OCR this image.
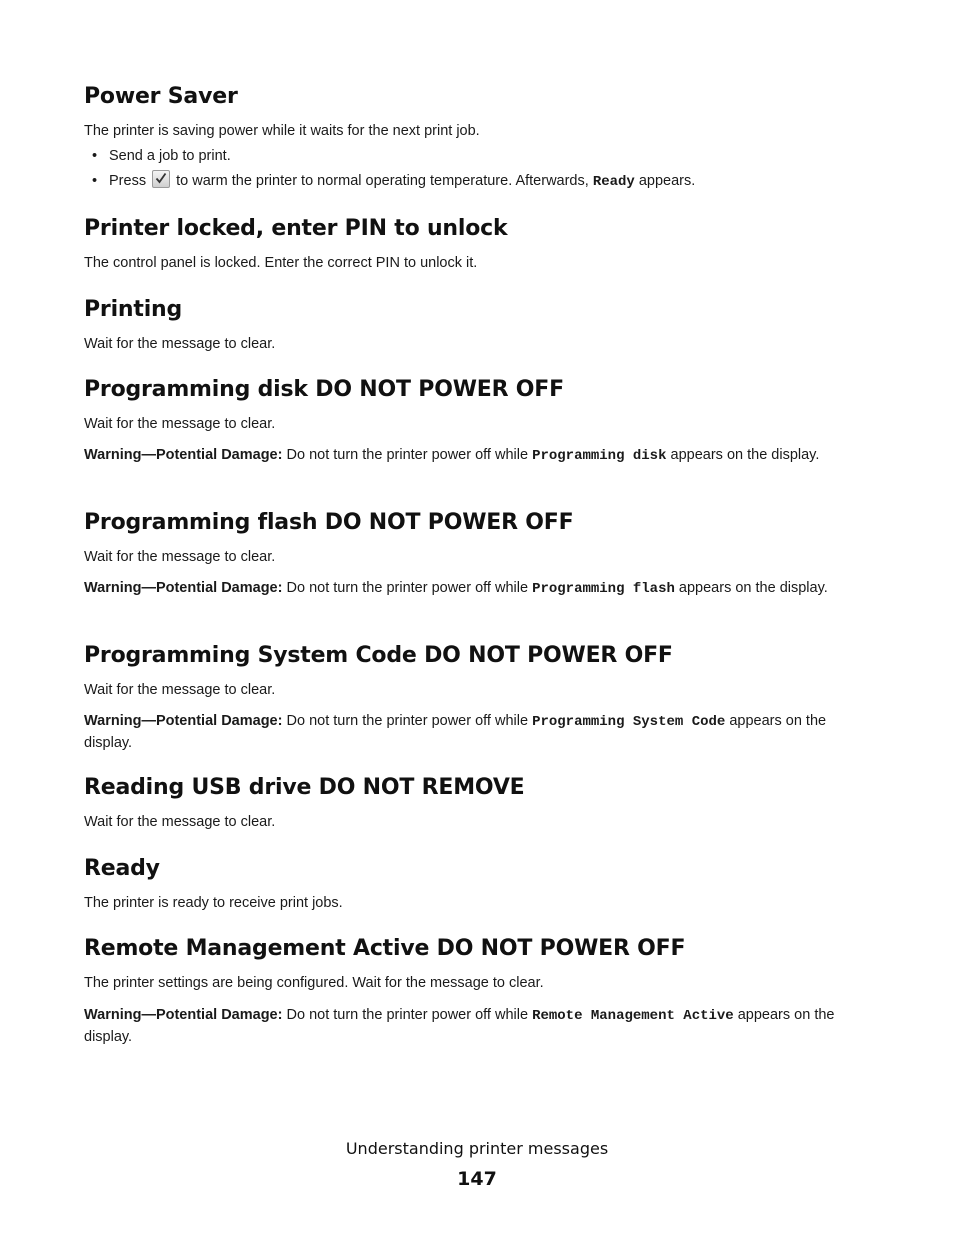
Power Saver

The printer is saving power while it waits for the next print job.

• Send a job to print.
• Press to warm the printer to normal operating temperature. Afterwards, Ready appears.
Printer locked, enter PIN to unlock

The control panel is locked. Enter the correct PIN to unlock it.

Printing

Wait for the message to clear.

Programming disk DO NOT POWER OFF

Wait for the message to clear.

Warning—Potential Damage: Do not turn the printer power off while Programming disk appears on the display.

Programming flash DO NOT POWER OFF

Wait for the message to clear.

Warning—Potential Damage: Do not turn the printer power off while Programming flash appears on the display.

Programming System Code DO NOT POWER OFF

Wait for the message to clear.

Warning—Potential Damage: Do not turn the printer power off while Programming System Code appears on the display.

Reading USB drive DO NOT REMOVE

Wait for the message to clear.

Ready

The printer is ready to receive print jobs.

Remote Management Active DO NOT POWER OFF

The printer settings are being configured. Wait for the message to clear.

Warning—Potential Damage: Do not turn the printer power off while Remote Management Active appears on the display.

Understanding printer messages
147
